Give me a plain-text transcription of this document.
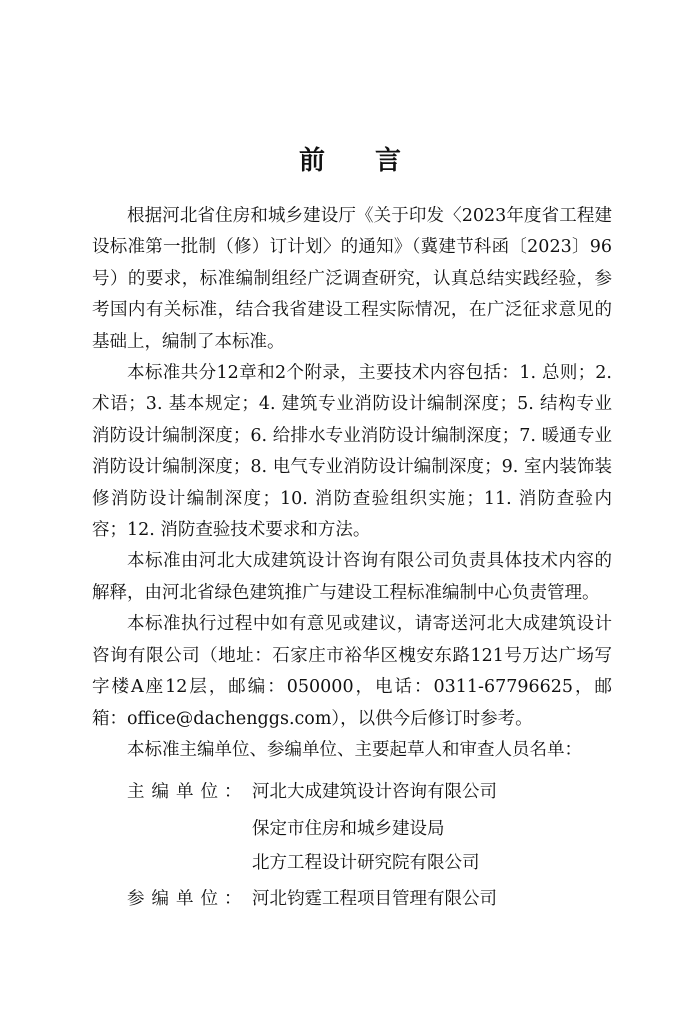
前 言

根据河北省住房和城乡建设厅《关于印发〈2023年度省工程建设标准第一批制（修）订计划〉的通知》（冀建节科函〔2023〕96号）的要求，标准编制组经广泛调查研究，认真总结实践经验，参考国内有关标准，结合我省建设工程实际情况，在广泛征求意见的基础上，编制了本标准。

本标准共分12章和2个附录，主要技术内容包括：1. 总则；2. 术语；3. 基本规定；4. 建筑专业消防设计编制深度；5. 结构专业消防设计编制深度；6. 给排水专业消防设计编制深度；7. 暖通专业消防设计编制深度；8. 电气专业消防设计编制深度；9. 室内装饰装修消防设计编制深度；10. 消防查验组织实施；11. 消防查验内容；12. 消防查验技术要求和方法。

本标准由河北大成建筑设计咨询有限公司负责具体技术内容的解释，由河北省绿色建筑推广与建设工程标准编制中心负责管理。

本标准执行过程中如有意见或建议，请寄送河北大成建筑设计咨询有限公司（地址：石家庄市裕华区槐安东路121号万达广场写字楼A座12层，邮编：050000，电话：0311-67796625，邮箱：office@dachenggs.com），以供今后修订时参考。

本标准主编单位、参编单位、主要起草人和审查人员名单：

主编单位 ： 河北大成建筑设计咨询有限公司
保定市住房和城乡建设局
北方工程设计研究院有限公司
参编单位 ： 河北钧霆工程项目管理有限公司
